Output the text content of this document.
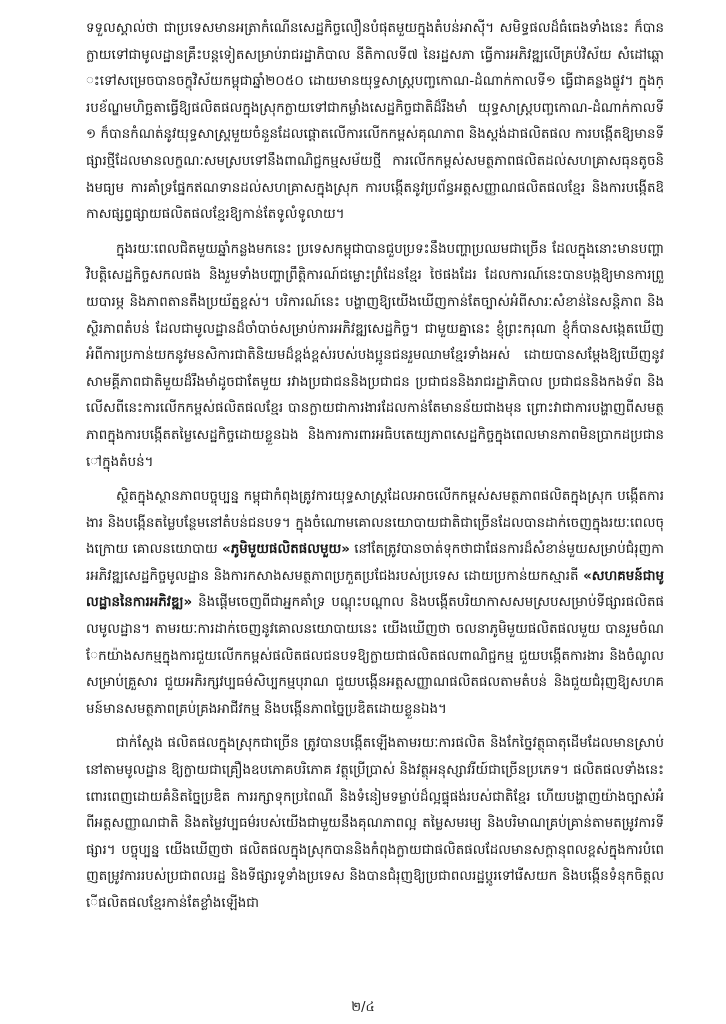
ទទួលស្គាល់ថា ជាប្រទេសមានអត្រាកំណើនសេដ្ឋកិច្ចលឿនបំផុតមួយក្នុងតំបន់អាស៊ី។ សមិទ្ធផលដ៏ធំធេងទាំងនេះ ក៏បានក្លាយទៅជាមូលដ្ឋានគ្រឹះបន្តទៀតសម្រាប់រាជរដ្ឋាភិបាល នីតិកាលទី៧ នៃរដ្ឋសភា ធ្វើការអភិវឌ្ឍលើគ្រប់វិស័យ សំដៅឆ្ពោះទៅសម្រេចបានចក្ខុវិស័យកម្ពុជាឆ្នាំ២០៥០ ដោយមានយុទ្ធសាស្ត្របញ្ចកោណ-ដំណាក់កាលទី១ ធ្វើជាគន្លងផ្លូវ។ ក្នុងក្របខ័ណ្ឌមហិច្ឆតាធ្វើឱ្យផលិតផលក្នុងស្រុកក្លាយទៅជាកម្លាំងសេដ្ឋកិច្ចជាតិដ៏រឹងមាំ យុទ្ធសាស្ត្របញ្ចកោណ-ដំណាក់កាលទី១ ក៏បានកំណត់នូវយុទ្ធសាស្ត្រមួយចំនួនដែលផ្តោតលើការលើកកម្ពស់គុណភាព និងស្តង់ដាផលិតផល ការបង្កើតឱ្យមានទីផ្សារថ្មីដែលមានលក្ខណៈសមស្របទៅនឹងពាណិជ្ជកម្មសម័យថ្មី ការលើកកម្ពស់សមត្ថភាពផលិតដល់សហគ្រាសធុនតូចនិងមធ្យម ការគាំទ្រផ្នែកឥណទានដល់សហគ្រាសក្នុងស្រុក ការបង្កើតនូវប្រព័ន្ធអត្តសញ្ញាណផលិតផលខ្មែរ និងការបង្កើតឱកាសផ្សព្វផ្សាយផលិតផលខ្មែរឱ្យកាន់តែទូលំទូលាយ។

ក្នុងរយៈពេលជិតមួយឆ្នាំកន្លងមកនេះ ប្រទេសកម្ពុជាបានជួបប្រទះនឹងបញ្ហាប្រឈមជាច្រើន ដែលក្នុងនោះមានបញ្ហាវិបត្តិសេដ្ឋកិច្ចសកលផង និងរួមទាំងបញ្ហាព្រឹត្តិការណ៍ជម្លោះព្រំដែនខ្មែរ ថៃផងដែរ ដែលការណ៍នេះបានបង្កឱ្យមានការព្រួយបារម្ភ និងភាពតានតឹងប្រយ័ត្នខ្ពស់។ បរិការណ៍នេះ បង្ហាញឱ្យយើងឃើញកាន់តែច្បាស់អំពីសារៈសំខាន់នៃសន្តិភាព និងស្ថិរភាពតំបន់ ដែលជាមូលដ្ឋានដ៏ចាំបាច់សម្រាប់ការអភិវឌ្ឍសេដ្ឋកិច្ច។ ជាមួយគ្នានេះ ខ្ញុំព្រះករុណា ខ្ញុំក៏បានសង្កេតឃើញអំពីការប្រកាន់យកនូវមនសិការជាតិនិយមដ៏ខ្ពង់ខ្ពស់របស់បងប្អូនជនរួមឈាមខ្មែរទាំងអស់ ដោយបានសម្តែងឱ្យឃើញនូវសាមគ្គីភាពជាតិមួយដ៏រឹងមាំដូចជាតែមួយ រវាងប្រជាជននិងប្រជាជន ប្រជាជននិងរាជរដ្ឋាភិបាល ប្រជាជននិងកងទ័ព និងលើសពីនេះការលើកកម្ពស់ផលិតផលខ្មែរ បានក្លាយជាការងារដែលកាន់តែមានន័យជាងមុន ព្រោះវាជាការបង្ហាញពីសមត្ថភាពក្នុងការបង្កើតតម្លៃសេដ្ឋកិច្ចដោយខ្លួនឯង និងការការពារអធិបតេយ្យភាពសេដ្ឋកិច្ចក្នុងពេលមានភាពមិនប្រាកដប្រជានៅក្នុងតំបន់។

ស្ថិតក្នុងស្ថានភាពបច្ចុប្បន្ន កម្ពុជាកំពុងត្រូវការយុទ្ធសាស្ត្រដែលអាចលើកកម្ពស់សមត្ថភាពផលិតក្នុងស្រុក បង្កើតការងារ និងបង្កើនតម្លៃបន្ថែមនៅតំបន់ជនបទ។ ក្នុងចំណោមគោលនយោបាយជាតិជាច្រើនដែលបានដាក់ចេញក្នុងរយៈពេលចុងក្រោយ គោលនយោបាយ «ភូមិមួយផលិតផលមួយ» នៅតែត្រូវបានចាត់ទុកថាជាផែនការដ៏សំខាន់មួយសម្រាប់ជំរុញការអភិវឌ្ឍសេដ្ឋកិច្ចមូលដ្ឋាន និងការកសាងសមត្ថភាពប្រកួតប្រជែងរបស់ប្រទេស ដោយប្រកាន់យកស្មារតី «សហគមន៍ជាមូលដ្ឋាននៃការអភិវឌ្ឍ» និងផ្តើមចេញពីជាអ្នកគាំទ្រ បណ្តុះបណ្តាល និងបង្កើតបរិយាកាសសមស្របសម្រាប់ទីផ្សារផលិតផលមូលដ្ឋាន។ តាមរយៈការដាក់ចេញនូវគោលនយោបាយនេះ យើងឃើញថា ចលនាភូមិមួយផលិតផលមួយ បានរួមចំណែកយ៉ាងសកម្មក្នុងការជួយលើកកម្ពស់ផលិតផលជនបទឱ្យក្លាយជាផលិតផលពាណិជ្ជកម្ម ជួយបង្កើតការងារ និងចំណូលសម្រាប់គ្រួសារ ជួយអភិរក្សវប្បធម៌សិប្បកម្មបុរាណ ជួយបង្កើនអត្តសញ្ញាណផលិតផលតាមតំបន់ និងជួយជំរុញឱ្យសហគមន៍មានសមត្ថភាពគ្រប់គ្រងអាជីវកម្ម និងបង្កើនភាពច្នៃប្រឌិតដោយខ្លួនឯង។

ជាក់ស្តែង ផលិតផលក្នុងស្រុកជាច្រើន ត្រូវបានបង្កើតឡើងតាមរយៈការផលិត និងកែច្នៃវត្ថុធាតុដើមដែលមានស្រាប់នៅតាមមូលដ្ឋាន ឱ្យក្លាយជាគ្រឿងឧបភោគបរិភោគ វត្ថុប្រើប្រាស់ និងវត្ថុអនុស្សាវរីយ៍ជាច្រើនប្រភេទ។ ផលិតផលទាំងនេះពោរពេញដោយគំនិតច្នៃប្រឌិត ការរក្សាទុកប្រពៃណី និងទំនៀមទម្លាប់ដ៏ល្អផ្ទុផង់របស់ជាតិខ្មែរ ហើយបង្ហាញយ៉ាងច្បាស់អំពីអត្តសញ្ញាណជាតិ និងតម្លៃវប្បធម៌របស់យើងជាមួយនឹងគុណភាពល្អ តម្លៃសមរម្យ និងបរិមាណគ្រប់គ្រាន់តាមតម្រូវការទីផ្សារ។ បច្ចុប្បន្ន យើងឃើញថា ផលិតផលក្នុងស្រុកបាននិងកំពុងក្លាយជាផលិតផលដែលមានសក្តានុពលខ្ពស់ក្នុងការបំពេញតម្រូវការរបស់ប្រជាពលរដ្ឋ និងទីផ្សារទូទាំងប្រទេស និងបានជំរុញឱ្យប្រជាពលរដ្ឋប្តូរទៅរើសយក និងបង្កើនទំនុកចិត្តលើផលិតផលខ្មែរកាន់តែខ្លាំងឡើងជា

២/៤
